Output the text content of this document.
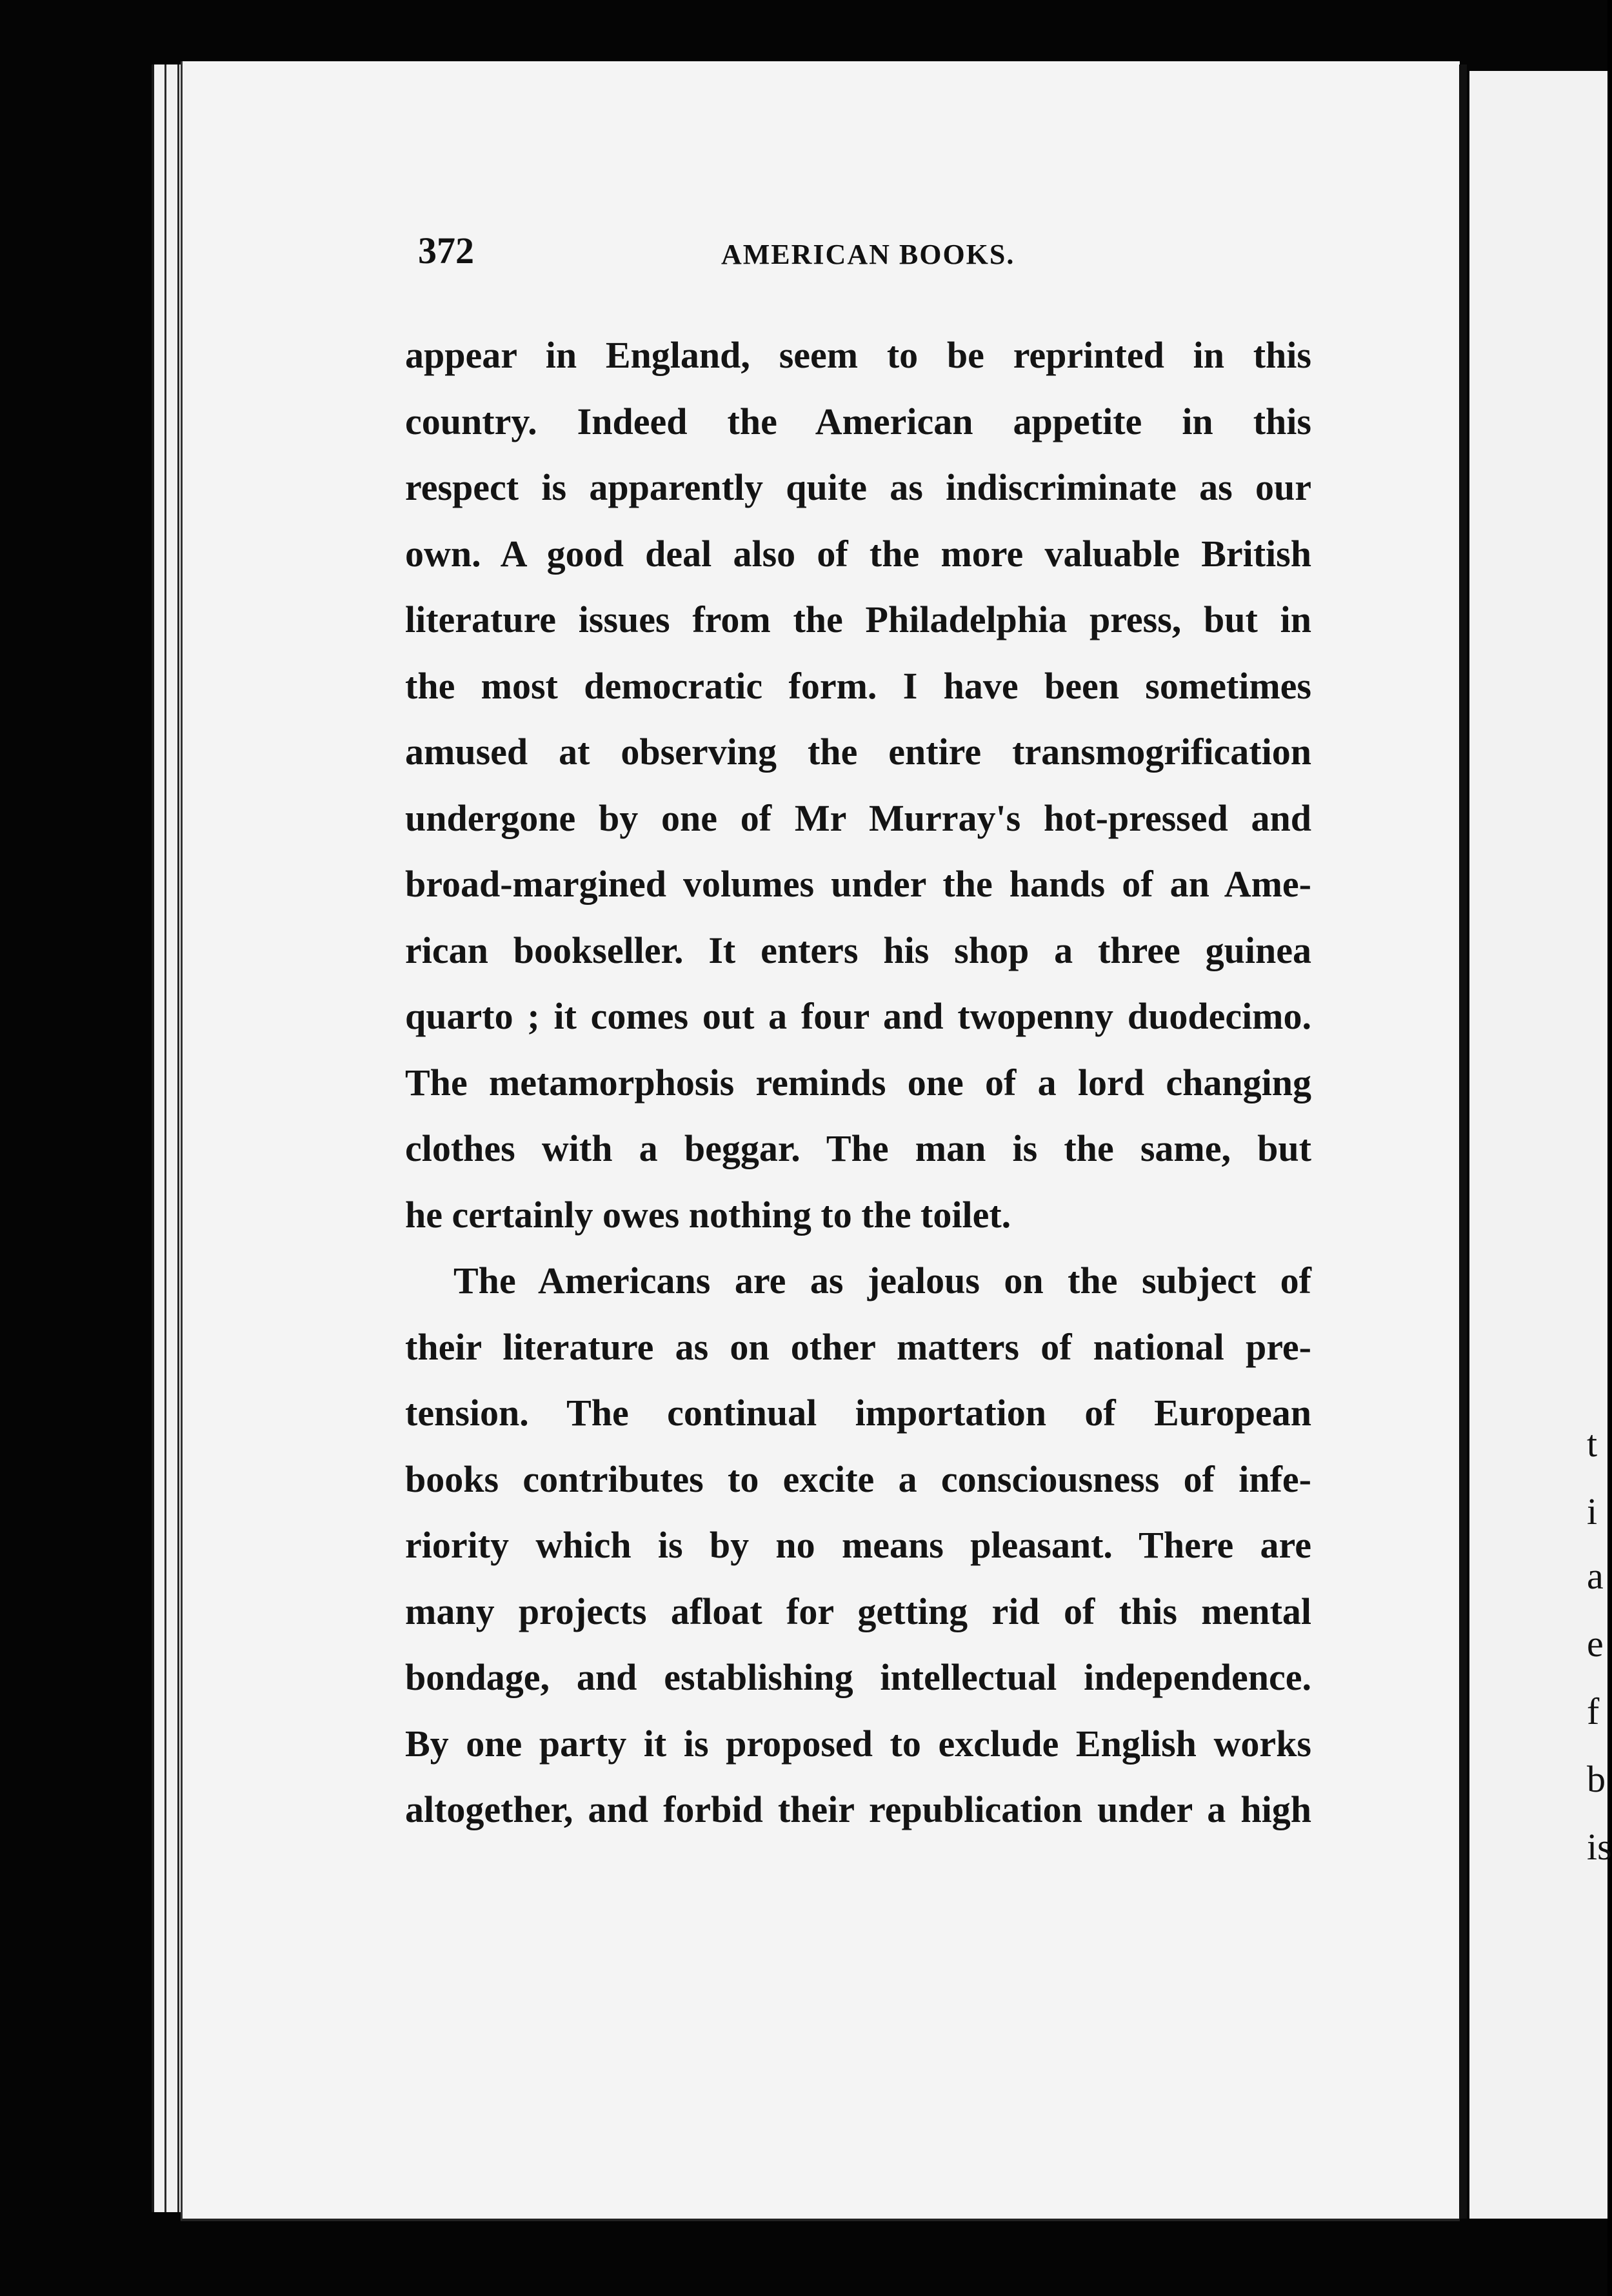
t
i
a
e
f
b
is
372	AMERICAN BOOKS.
appear in England, seem to be reprinted in this
country. Indeed the American appetite in this
respect is apparently quite as indiscriminate as our
own. A good deal also of the more valuable British
literature issues from the Philadelphia press, but in
the most democratic form. I have been sometimes
amused at observing the entire transmogrification
undergone by one of Mr Murray's hot-pressed and
broad-margined volumes under the hands of an Ame-
rican bookseller. It enters his shop a three guinea
quarto ; it comes out a four and twopenny duodecimo.
The metamorphosis reminds one of a lord changing
clothes with a beggar. The man is the same, but
he certainly owes nothing to the toilet.
The Americans are as jealous on the subject of
their literature as on other matters of national pre-
tension. The continual importation of European
books contributes to excite a consciousness of infe-
riority which is by no means pleasant. There are
many projects afloat for getting rid of this mental
bondage, and establishing intellectual independence.
By one party it is proposed to exclude English works
altogether, and forbid their republication under a high
